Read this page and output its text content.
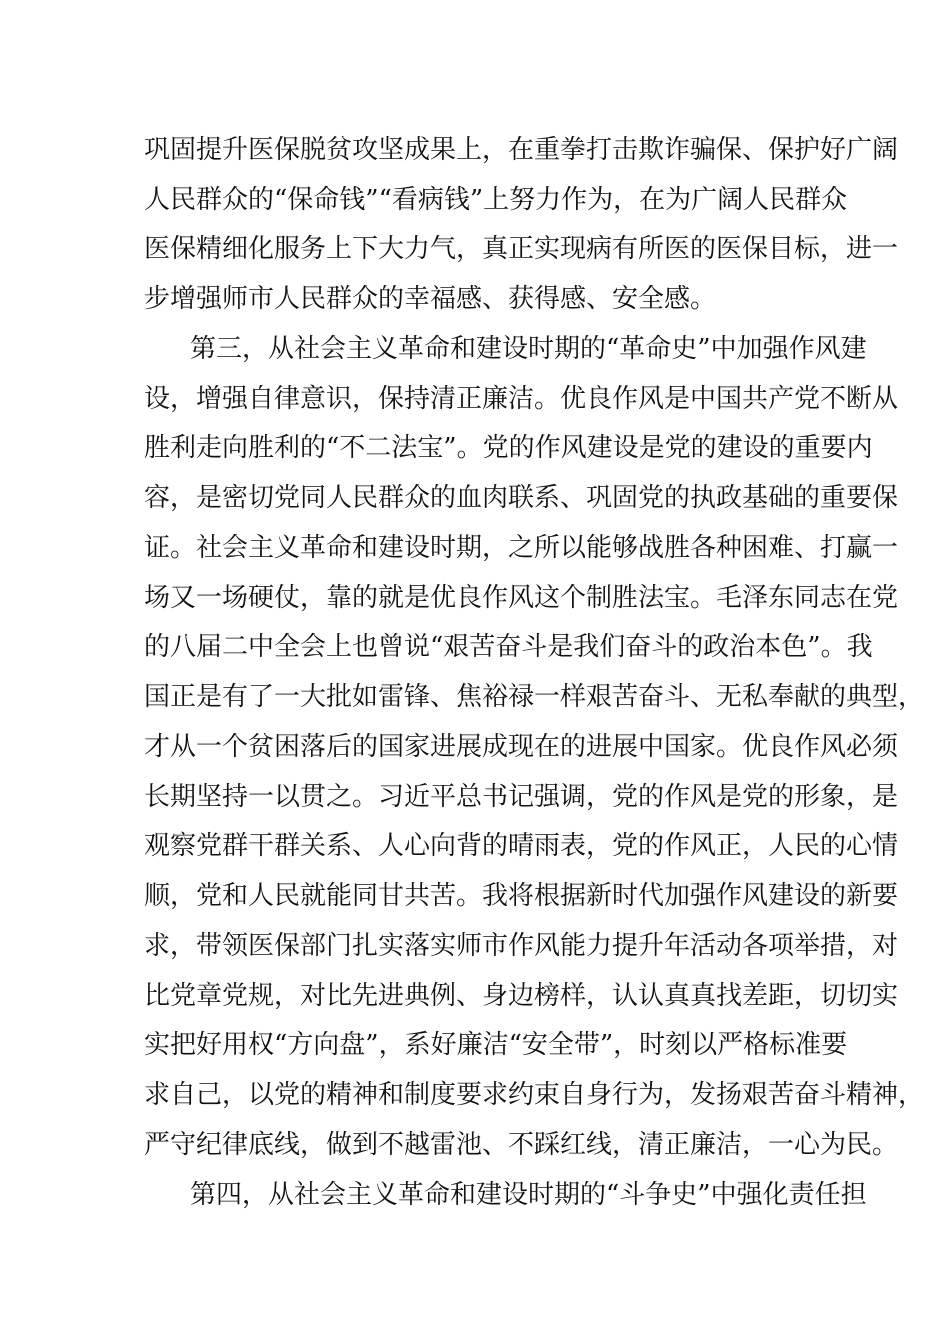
巩固提升医保脱贫攻坚成果上，在重拳打击欺诈骗保、保护好广阔
人民群众的“保命钱”“看病钱”上努力作为，在为广阔人民群众
医保精细化服务上下大力气，真正实现病有所医的医保目标，进一
步增强师市人民群众的幸福感、获得感、安全感。
第三，从社会主义革命和建设时期的“革命史”中加强作风建
设，增强自律意识，保持清正廉洁。优良作风是中国共产党不断从
胜利走向胜利的“不二法宝”。党的作风建设是党的建设的重要内
容，是密切党同人民群众的血肉联系、巩固党的执政基础的重要保
证。社会主义革命和建设时期，之所以能够战胜各种困难、打赢一
场又一场硬仗，靠的就是优良作风这个制胜法宝。毛泽东同志在党
的八届二中全会上也曾说“艰苦奋斗是我们奋斗的政治本色”。我
国正是有了一大批如雷锋、焦裕禄一样艰苦奋斗、无私奉献的典型，
才从一个贫困落后的国家进展成现在的进展中国家。优良作风必须
长期坚持一以贯之。习近平总书记强调，党的作风是党的形象，是
观察党群干群关系、人心向背的晴雨表，党的作风正，人民的心情
顺，党和人民就能同甘共苦。我将根据新时代加强作风建设的新要
求，带领医保部门扎实落实师市作风能力提升年活动各项举措，对
比党章党规，对比先进典例、身边榜样，认认真真找差距，切切实
实把好用权“方向盘”，系好廉洁“安全带”，时刻以严格标准要
求自己，以党的精神和制度要求约束自身行为，发扬艰苦奋斗精神，
严守纪律底线，做到不越雷池、不踩红线，清正廉洁，一心为民。
第四，从社会主义革命和建设时期的“斗争史”中强化责任担
